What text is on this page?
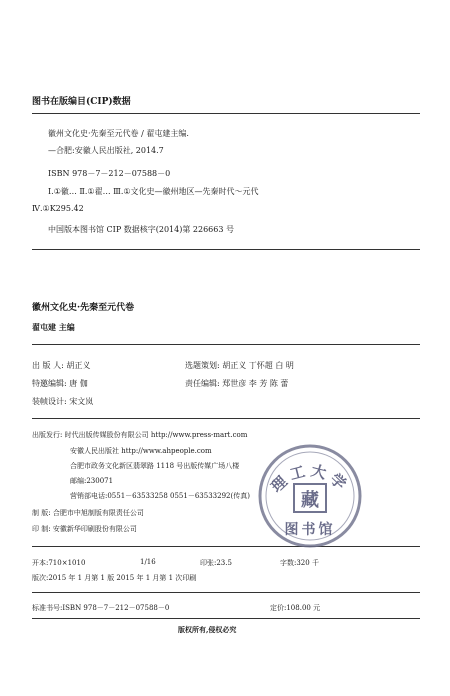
图书在版编目(CIP)数据
徽州文化史·先秦至元代卷 / 翟屯建主编.
—合肥:安徽人民出版社, 2014.7
ISBN 978－7－212－07588－0
Ⅰ.①徽… Ⅱ.①翟… Ⅲ.①文化史—徽州地区—先秦时代～元代
Ⅳ.①K295.42
中国版本图书馆 CIP 数据核字(2014)第 226663 号
徽州文化史·先秦至元代卷
翟屯建 主编
出 版 人: 胡正义	选题策划: 胡正义 丁怀超 白 明
特邀编辑: 唐 伽	责任编辑: 郑世彦 李 芳 陈 蕾
装帧设计: 宋文岚
出版发行: 时代出版传媒股份有限公司 http://www.press-mart.com
安徽人民出版社 http://www.ahpeople.com
合肥市政务文化新区翡翠路 1118 号出版传媒广场八楼
邮编:230071
营销部电话:0551－63533258 0551－63533292(传真)
制 版: 合肥市中旭制版有限责任公司
印 制: 安徽新华印刷股份有限公司
开本:710×1010	1/16	印张:23.5	字数:320 千
版次:2015 年 1 月第 1 版 2015 年 1 月第 1 次印刷
标准书号:ISBN 978－7－212－07588－0	定价:108.00 元
版权所有,侵权必究
理工大学
藏
图书馆
